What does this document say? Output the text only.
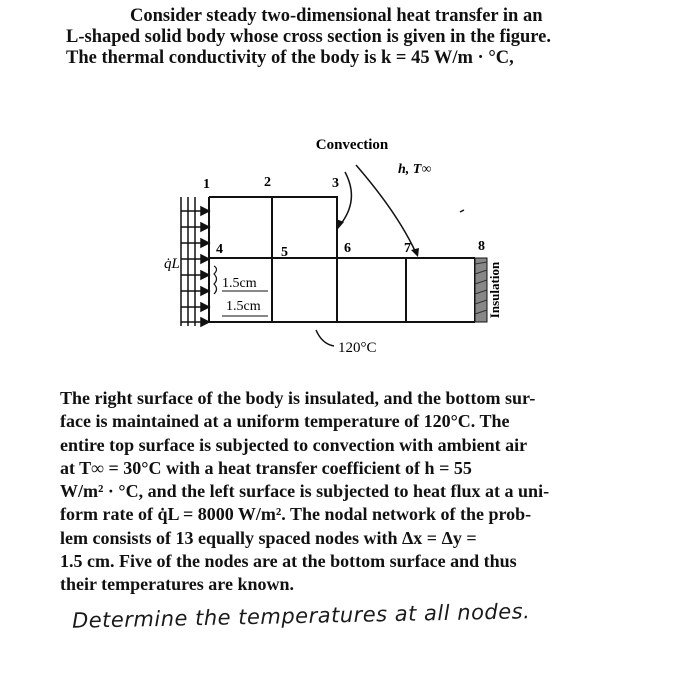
Consider steady two-dimensional heat transfer in an
L-shaped solid body whose cross section is given in the figure.
The thermal conductivity of the body is k = 45 W/m · °C,
Insulation
q̇L
1.5cm
1.5cm
Convection
h, T∞
1	2	3
4	5	6	7	8
120°C
The right surface of the body is insulated, and the bottom sur-
face is maintained at a uniform temperature of 120°C. The
entire top surface is subjected to convection with ambient air
at T∞ = 30°C with a heat transfer coefficient of h = 55
W/m² · °C, and the left surface is subjected to heat flux at a uni-
form rate of q̇L = 8000 W/m². The nodal network of the prob-
lem consists of 13 equally spaced nodes with Δx = Δy =
1.5 cm. Five of the nodes are at the bottom surface and thus
their temperatures are known.
Determine the temperatures at all nodes.
